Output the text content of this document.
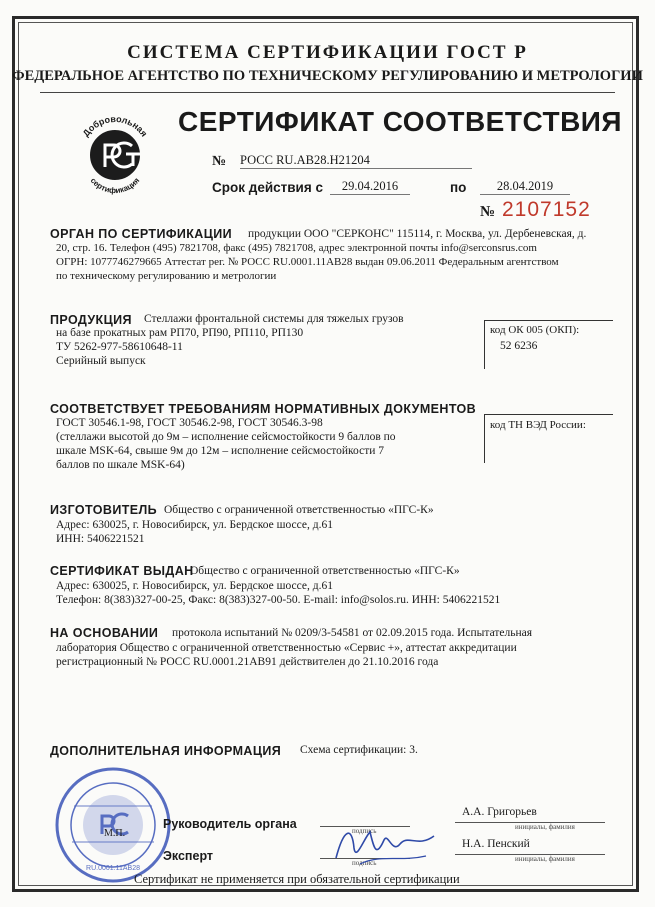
СИСТЕМА СЕРТИФИКАЦИИ ГОСТ Р
ФЕДЕРАЛЬНОЕ АГЕНТСТВО ПО ТЕХНИЧЕСКОМУ РЕГУЛИРОВАНИЮ И МЕТРОЛОГИИ
Добровольная
сертификация
СЕРТИФИКАТ СООТВЕТСТВИЯ
№ РОСС RU.AB28.H21204
Срок действия с	29.04.2016	по	28.04.2019
№ 2107152
ОРГАН ПО СЕРТИФИКАЦИИ продукции ООО "СЕРКОНС" 115114, г. Москва, ул. Дербеневская, д.
20, стр. 16. Телефон (495) 7821708, факс (495) 7821708, адрес электронной почты info@serconsrus.com
ОГРН: 1077746279665 Аттестат рег. № РОСС RU.0001.11АВ28 выдан 09.06.2011 Федеральным агентством
по техническому регулированию и метрологии
ПРОДУКЦИЯ Стеллажи фронтальной системы для тяжелых грузов
на базе прокатных рам РП70, РП90, РП110, РП130
ТУ 5262-977-58610648-11
Серийный выпуск
код ОК 005 (ОКП):
52 6236
СООТВЕТСТВУЕТ ТРЕБОВАНИЯМ НОРМАТИВНЫХ ДОКУМЕНТОВ
ГОСТ 30546.1-98, ГОСТ 30546.2-98, ГОСТ 30546.3-98
(стеллажи высотой до 9м – исполнение сейсмостойкости 9 баллов по
шкале MSK-64, свыше 9м до 12м – исполнение сейсмостойкости 7
баллов по шкале MSK-64)
код ТН ВЭД России:
ИЗГОТОВИТЕЛЬ Общество с ограниченной ответственностью «ПГС-К»
Адрес: 630025, г. Новосибирск, ул. Бердское шоссе, д.61
ИНН: 5406221521
СЕРТИФИКАТ ВЫДАН
Общество с ограниченной ответственностью «ПГС-К»
Адрес: 630025, г. Новосибирск, ул. Бердское шоссе, д.61
Телефон: 8(383)327-00-25, Факс: 8(383)327-00-50. E-mail: info@solos.ru. ИНН: 5406221521
НА ОСНОВАНИИ протокола испытаний № 0209/3-54581 от 02.09.2015 года. Испытательная
лаборатория Общество с ограниченной ответственностью «Сервис +», аттестат аккредитации
регистрационный № РОСС RU.0001.21АВ91 действителен до 21.10.2016 года
ДОПОЛНИТЕЛЬНАЯ ИНФОРМАЦИЯ Схема сертификации: 3.
RU.0001.11AB28
М.П.
Руководитель органа	подпись
А.А. Григорьев
инициалы, фамилия
Эксперт	подпись
Н.А. Пенский
инициалы, фамилия
Сертификат не применяется при обязательной сертификации
